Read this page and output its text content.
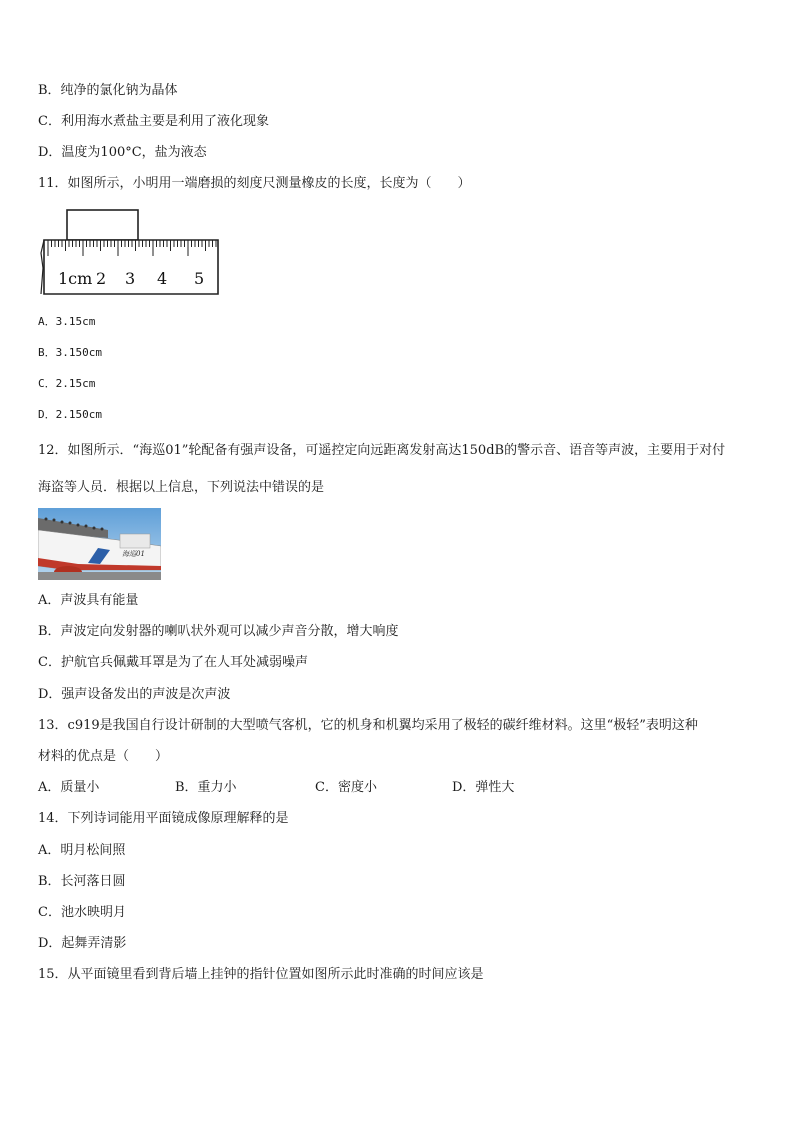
B．纯净的氯化钠为晶体
C．利用海水煮盐主要是利用了液化现象
D．温度为100°C，盐为液态
11．如图所示，小明用一端磨损的刻度尺测量橡皮的长度，长度为（　　）
1cm 2 3 4 5
A．3.15cm
B．3.150cm
C．2.15cm
D．2.150cm
12．如图所示．“海巡01”轮配备有强声设备，可遥控定向远距离发射高达150dB的警示音、语音等声波，主要用于对付
海盗等人员．根据以上信息，下列说法中错误的是
海巡01
A．声波具有能量
B．声波定向发射器的喇叭状外观可以减少声音分散，增大响度
C．护航官兵佩戴耳罩是为了在人耳处减弱噪声
D．强声设备发出的声波是次声波
13．c919是我国自行设计研制的大型喷气客机，它的机身和机翼均采用了极轻的碳纤维材料。这里“极轻”表明这种
材料的优点是（　　）
A．质量小	B．重力小	C．密度小	D．弹性大
14．下列诗词能用平面镜成像原理解释的是
A．明月松间照
B．长河落日圆
C．池水映明月
D．起舞弄清影
15．从平面镜里看到背后墙上挂钟的指针位置如图所示此时准确的时间应该是
